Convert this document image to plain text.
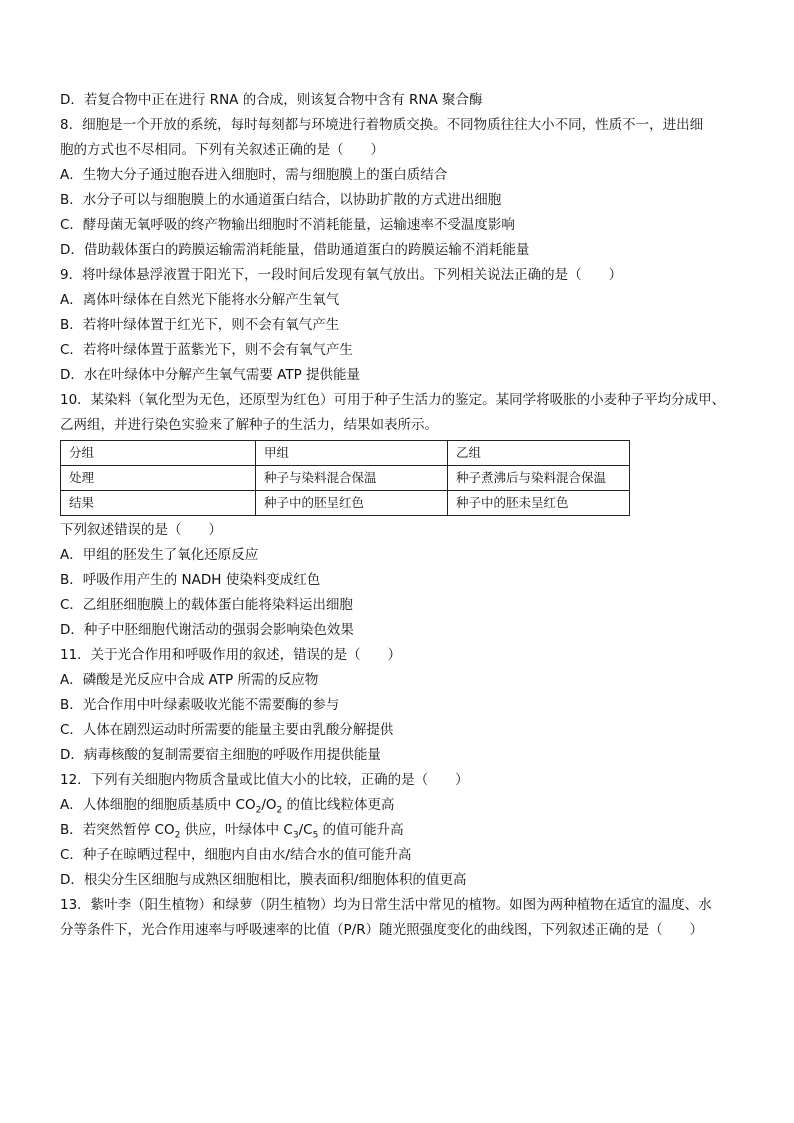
D．若复合物中正在进行 RNA 的合成，则该复合物中含有 RNA 聚合酶
8．细胞是一个开放的系统，每时每刻都与环境进行着物质交换。不同物质往往大小不同，性质不一，进出细
胞的方式也不尽相同。下列有关叙述正确的是（　　）
A．生物大分子通过胞吞进入细胞时，需与细胞膜上的蛋白质结合
B．水分子可以与细胞膜上的水通道蛋白结合，以协助扩散的方式进出细胞
C．酵母菌无氧呼吸的终产物输出细胞时不消耗能量，运输速率不受温度影响
D．借助载体蛋白的跨膜运输需消耗能量，借助通道蛋白的跨膜运输不消耗能量
9．将叶绿体悬浮液置于阳光下，一段时间后发现有氧气放出。下列相关说法正确的是（　　）
A．离体叶绿体在自然光下能将水分解产生氧气
B．若将叶绿体置于红光下，则不会有氧气产生
C．若将叶绿体置于蓝紫光下，则不会有氧气产生
D．水在叶绿体中分解产生氧气需要 ATP 提供能量
10．某染料（氧化型为无色，还原型为红色）可用于种子生活力的鉴定。某同学将吸胀的小麦种子平均分成甲、
乙两组，并进行染色实验来了解种子的生活力，结果如表所示。
分组	甲组	乙组
处理	种子与染料混合保温	种子煮沸后与染料混合保温
结果	种子中的胚呈红色	种子中的胚未呈红色
下列叙述错误的是（　　）
A．甲组的胚发生了氧化还原反应
B．呼吸作用产生的 NADH 使染料变成红色
C．乙组胚细胞膜上的载体蛋白能将染料运出细胞
D．种子中胚细胞代谢活动的强弱会影响染色效果
11．关于光合作用和呼吸作用的叙述，错误的是（　　）
A．磷酸是光反应中合成 ATP 所需的反应物
B．光合作用中叶绿素吸收光能不需要酶的参与
C．人体在剧烈运动时所需要的能量主要由乳酸分解提供
D．病毒核酸的复制需要宿主细胞的呼吸作用提供能量
12．下列有关细胞内物质含量或比值大小的比较，正确的是（　　）
A．人体细胞的细胞质基质中 $CO_2/O_2$ 的值比线粒体更高
B．若突然暂停 $CO_2$ 供应，叶绿体中 $C_3/C_5$ 的值可能升高
C．种子在晾晒过程中，细胞内自由水/结合水的值可能升高
D．根尖分生区细胞与成熟区细胞相比，膜表面积/细胞体积的值更高
13．紫叶李（阳生植物）和绿萝（阴生植物）均为日常生活中常见的植物。如图为两种植物在适宜的温度、水
分等条件下，光合作用速率与呼吸速率的比值（P/R）随光照强度变化的曲线图，下列叙述正确的是（　　）
